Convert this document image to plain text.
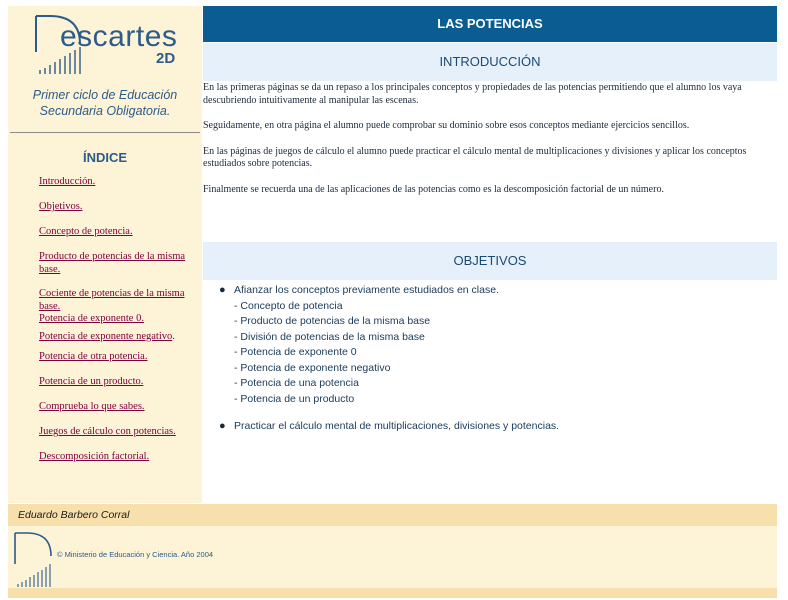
escartes
2D
Primer ciclo de Educación
Secundaria Obligatoria.
ÍNDICE
Introducción.
Objetivos.
Concepto de potencia.
Producto de potencias de la misma base.
Cociente de potencias de la misma base.
Potencia de exponente 0.
Potencia de exponente negativo.
Potencia de otra potencia.
Potencia de un producto.
Comprueba lo que sabes.
Juegos de cálculo con potencias.
Descomposición factorial.
LAS POTENCIAS
INTRODUCCIÓN

En las primeras páginas se da un repaso a los principales conceptos y propiedades de las potencias permitiendo que el alumno los vaya descubriendo intuitivamente al manipular las escenas.

Seguidamente, en otra página el alumno puede comprobar su dominio sobre esos conceptos mediante ejercicios sencillos.

En las páginas de juegos de cálculo el alumno puede practicar el cálculo mental de multiplicaciones y divisiones y aplicar los conceptos estudiados sobre potencias.

Finalmente se recuerda una de las aplicaciones de las potencias como es la descomposición factorial de un número.

OBJETIVOS
● Afianzar los conceptos previamente estudiados en clase.
- Concepto de potencia
- Producto de potencias de la misma base
- División de potencias de la misma base
- Potencia de exponente 0
- Potencia de exponente negativo
- Potencia de una potencia
- Potencia de un producto
● Practicar el cálculo mental de multiplicaciones, divisiones y potencias.
Eduardo Barbero Corral
© Ministerio de Educación y Ciencia. Año 2004
